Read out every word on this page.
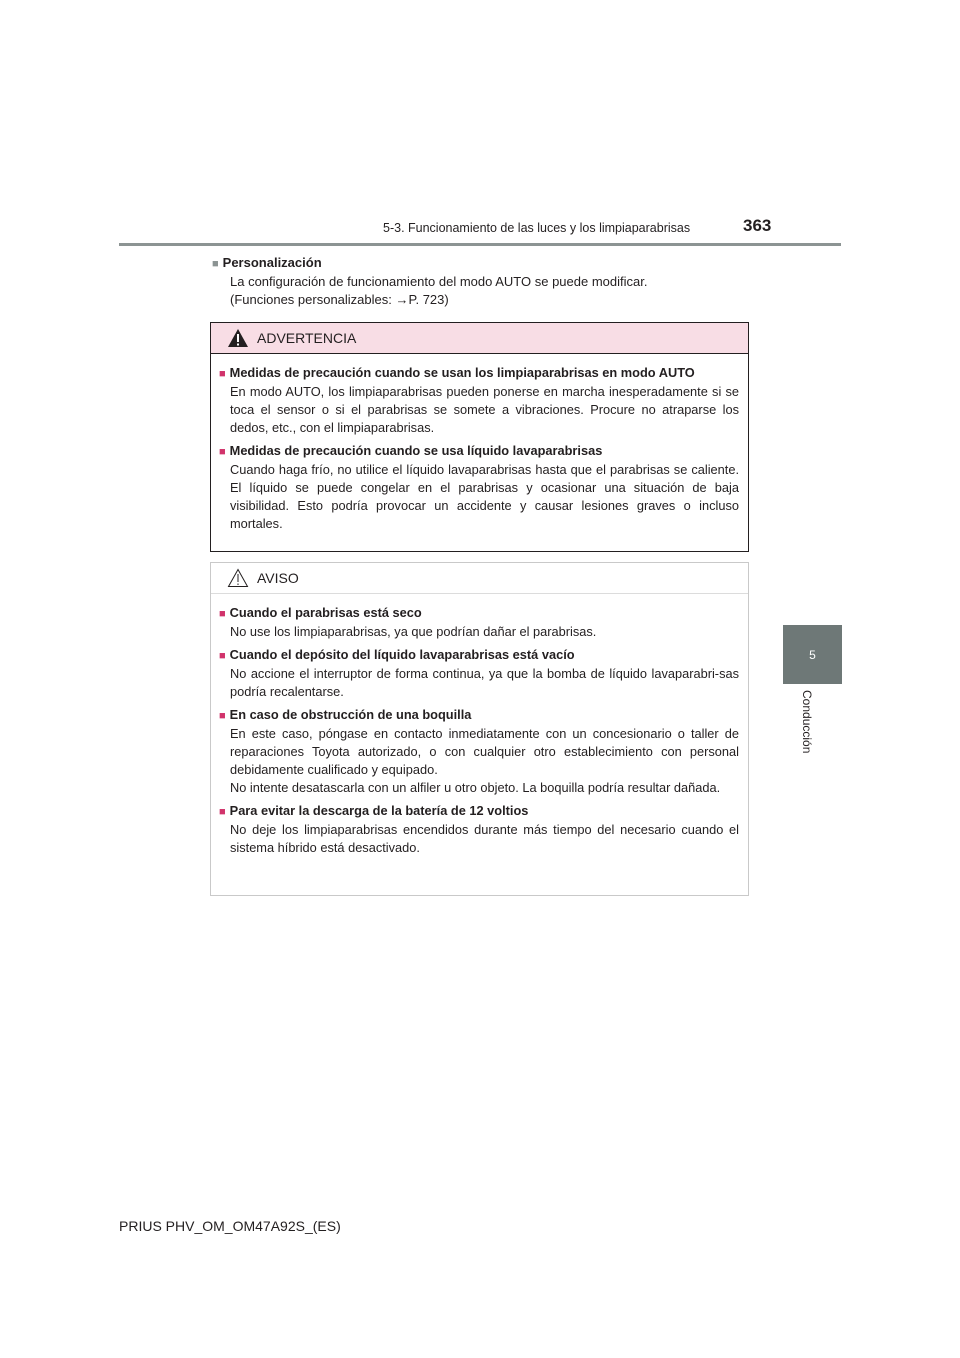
5-3. Funcionamiento de las luces y los limpiaparabrisas	363
5
Conducción
■ Personalización
La configuración de funcionamiento del modo AUTO se puede modificar.
(Funciones personalizables: →P. 723)
ADVERTENCIA
■ Medidas de precaución cuando se usan los limpiaparabrisas en modo AUTO
En modo AUTO, los limpiaparabrisas pueden ponerse en marcha inesperadamente si se toca el sensor o si el parabrisas se somete a vibraciones. Procure no atraparse los dedos, etc., con el limpiaparabrisas.
■ Medidas de precaución cuando se usa líquido lavaparabrisas
Cuando haga frío, no utilice el líquido lavaparabrisas hasta que el parabrisas se caliente. El líquido se puede congelar en el parabrisas y ocasionar una situación de baja visibilidad. Esto podría provocar un accidente y causar lesiones graves o incluso mortales.
AVISO
■ Cuando el parabrisas está seco
No use los limpiaparabrisas, ya que podrían dañar el parabrisas.
■ Cuando el depósito del líquido lavaparabrisas está vacío
No accione el interruptor de forma continua, ya que la bomba de líquido lavaparabri-sas podría recalentarse.
■ En caso de obstrucción de una boquilla
En este caso, póngase en contacto inmediatamente con un concesionario o taller de reparaciones Toyota autorizado, o con cualquier otro establecimiento con personal debidamente cualificado y equipado.
No intente desatascarla con un alfiler u otro objeto. La boquilla podría resultar dañada.
■ Para evitar la descarga de la batería de 12 voltios
No deje los limpiaparabrisas encendidos durante más tiempo del necesario cuando el sistema híbrido está desactivado.
PRIUS PHV_OM_OM47A92S_(ES)
